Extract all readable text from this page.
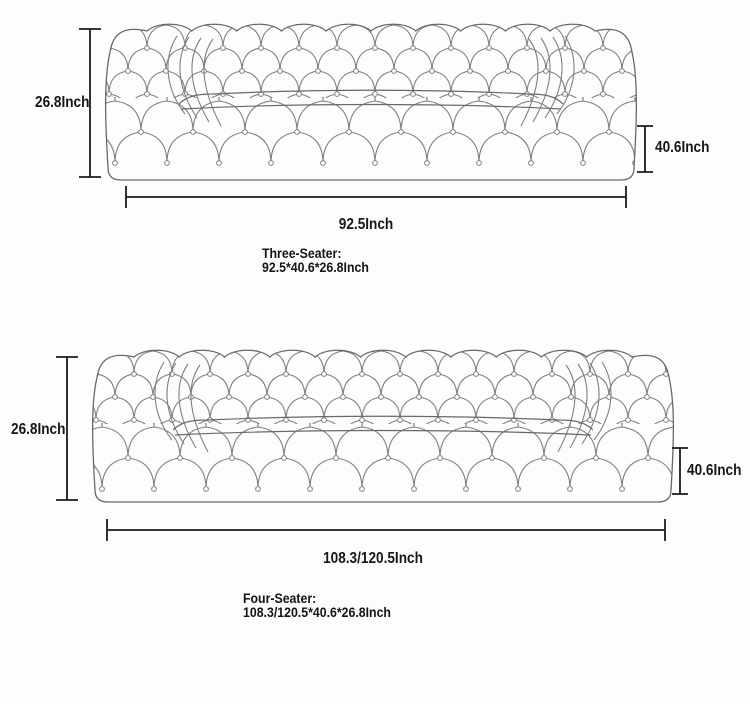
26.8Inch
92.5Inch
40.6Inch
Three-Seater:
92.5*40.6*26.8Inch
26.8Inch
108.3/120.5Inch
40.6Inch
Four-Seater:
108.3/120.5*40.6*26.8Inch
